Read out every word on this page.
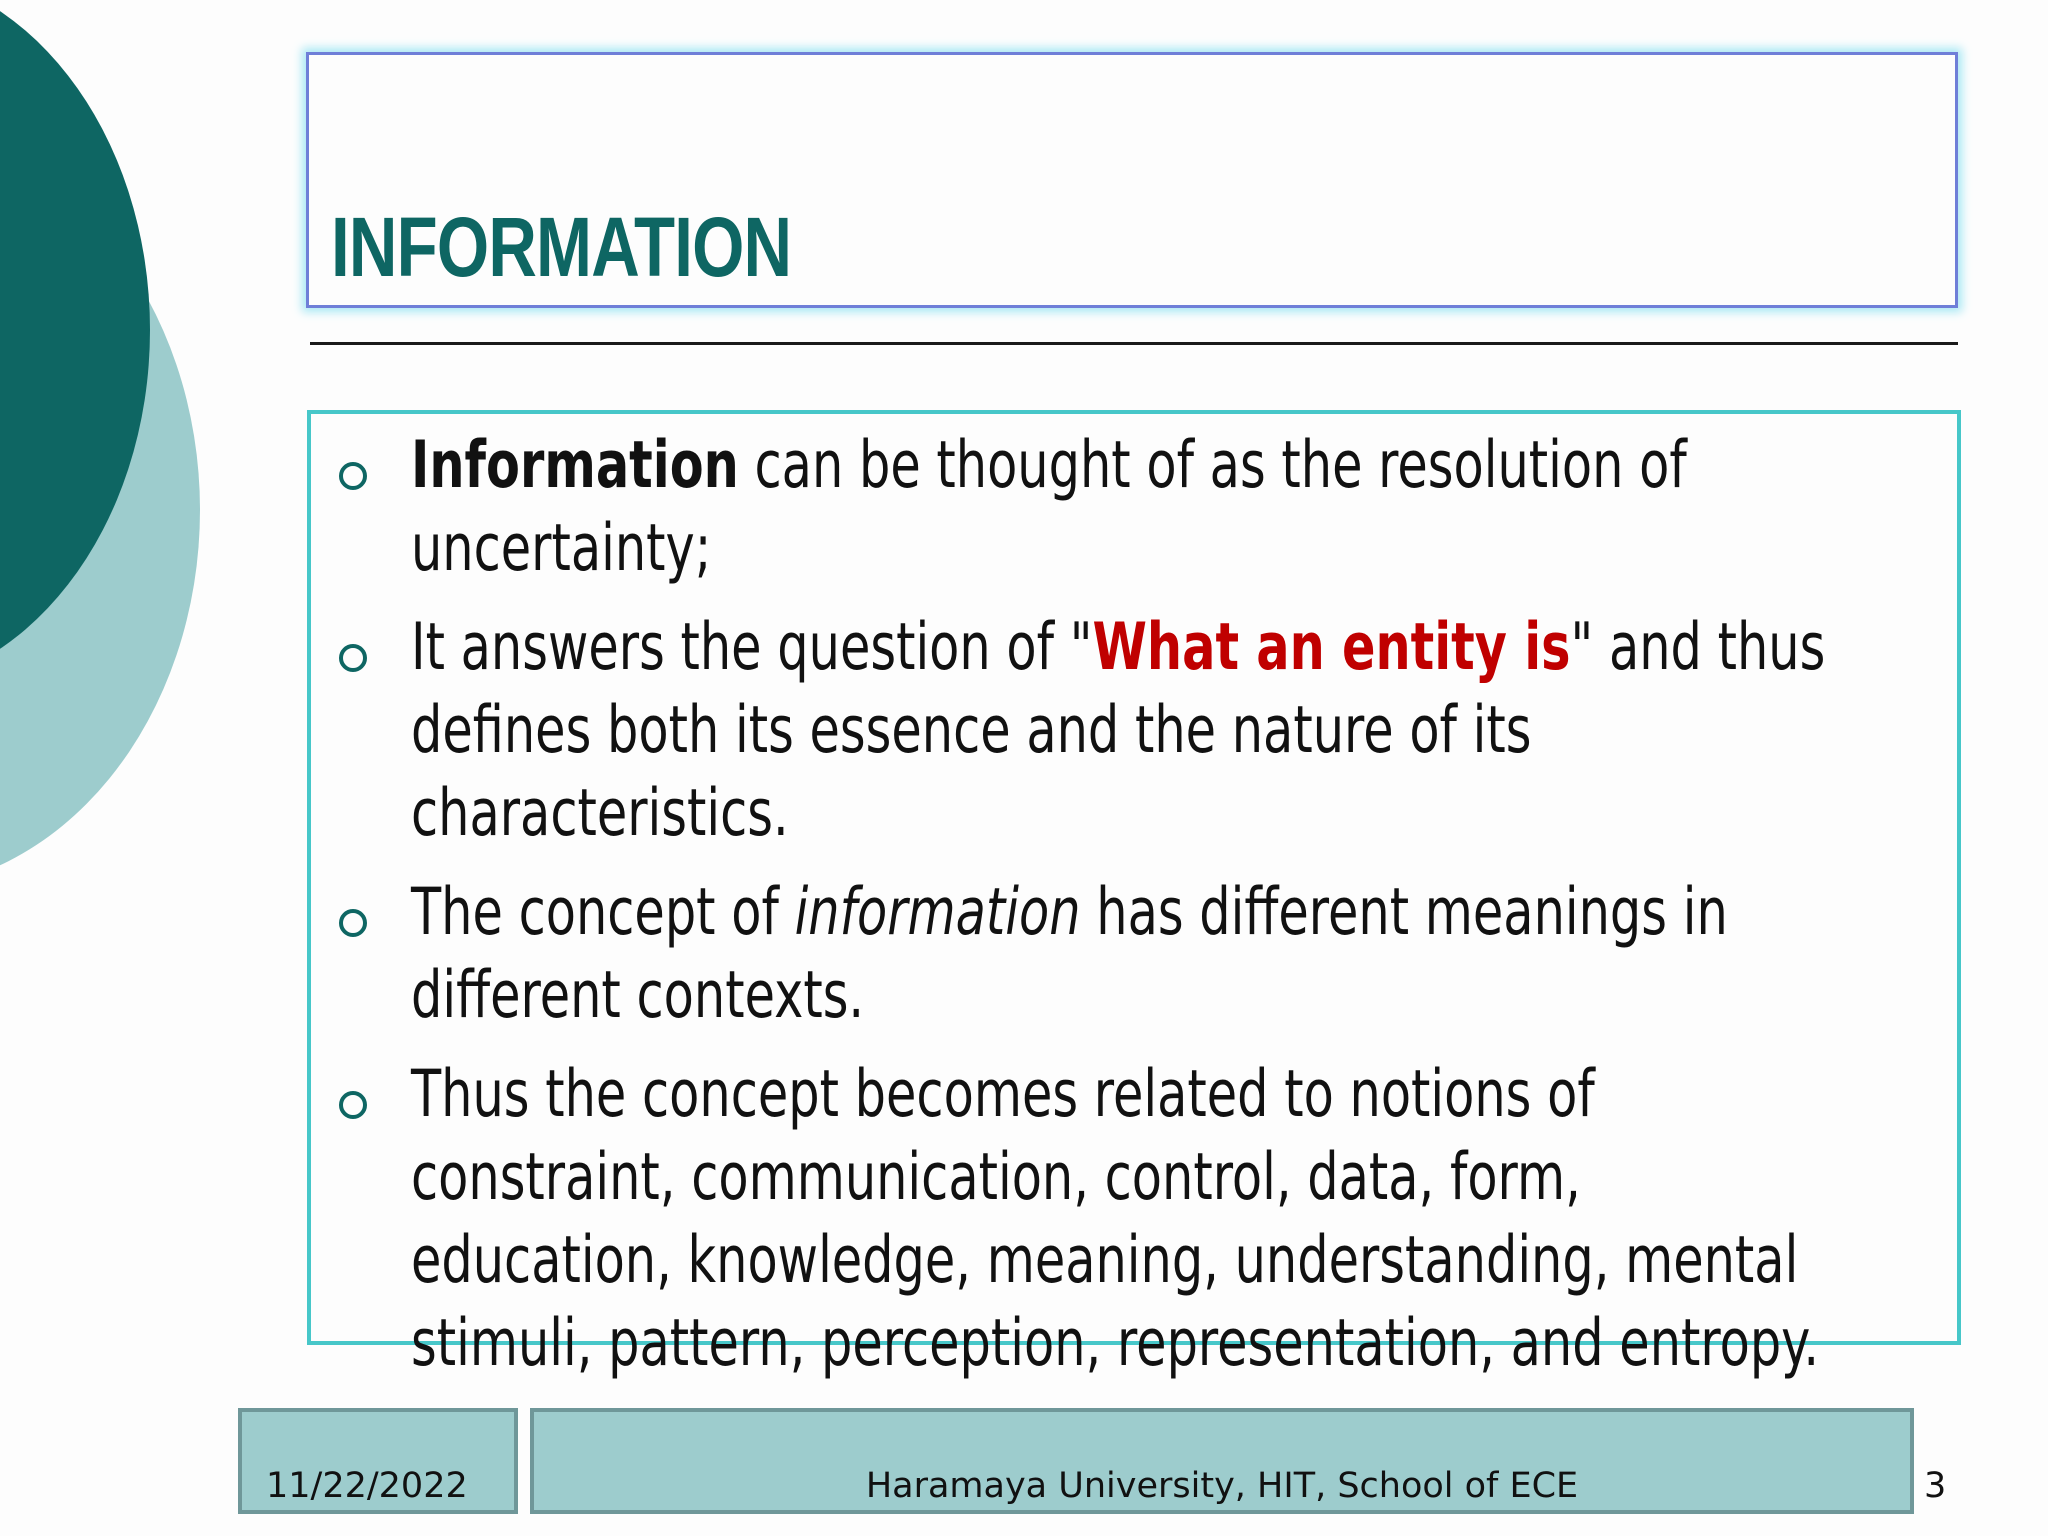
INFORMATION
Information can be thought of as the resolution of uncertainty;
It answers the question of "What an entity is" and thus defines both its essence and the nature of its characteristics.
The concept of information has different meanings in different contexts.
Thus the concept becomes related to notions of constraint, communication, control, data, form, education, knowledge, meaning, understanding, mental stimuli, pattern, perception, representation, and entropy.
11/22/2022	Haramaya University, HIT, School of ECE	3
